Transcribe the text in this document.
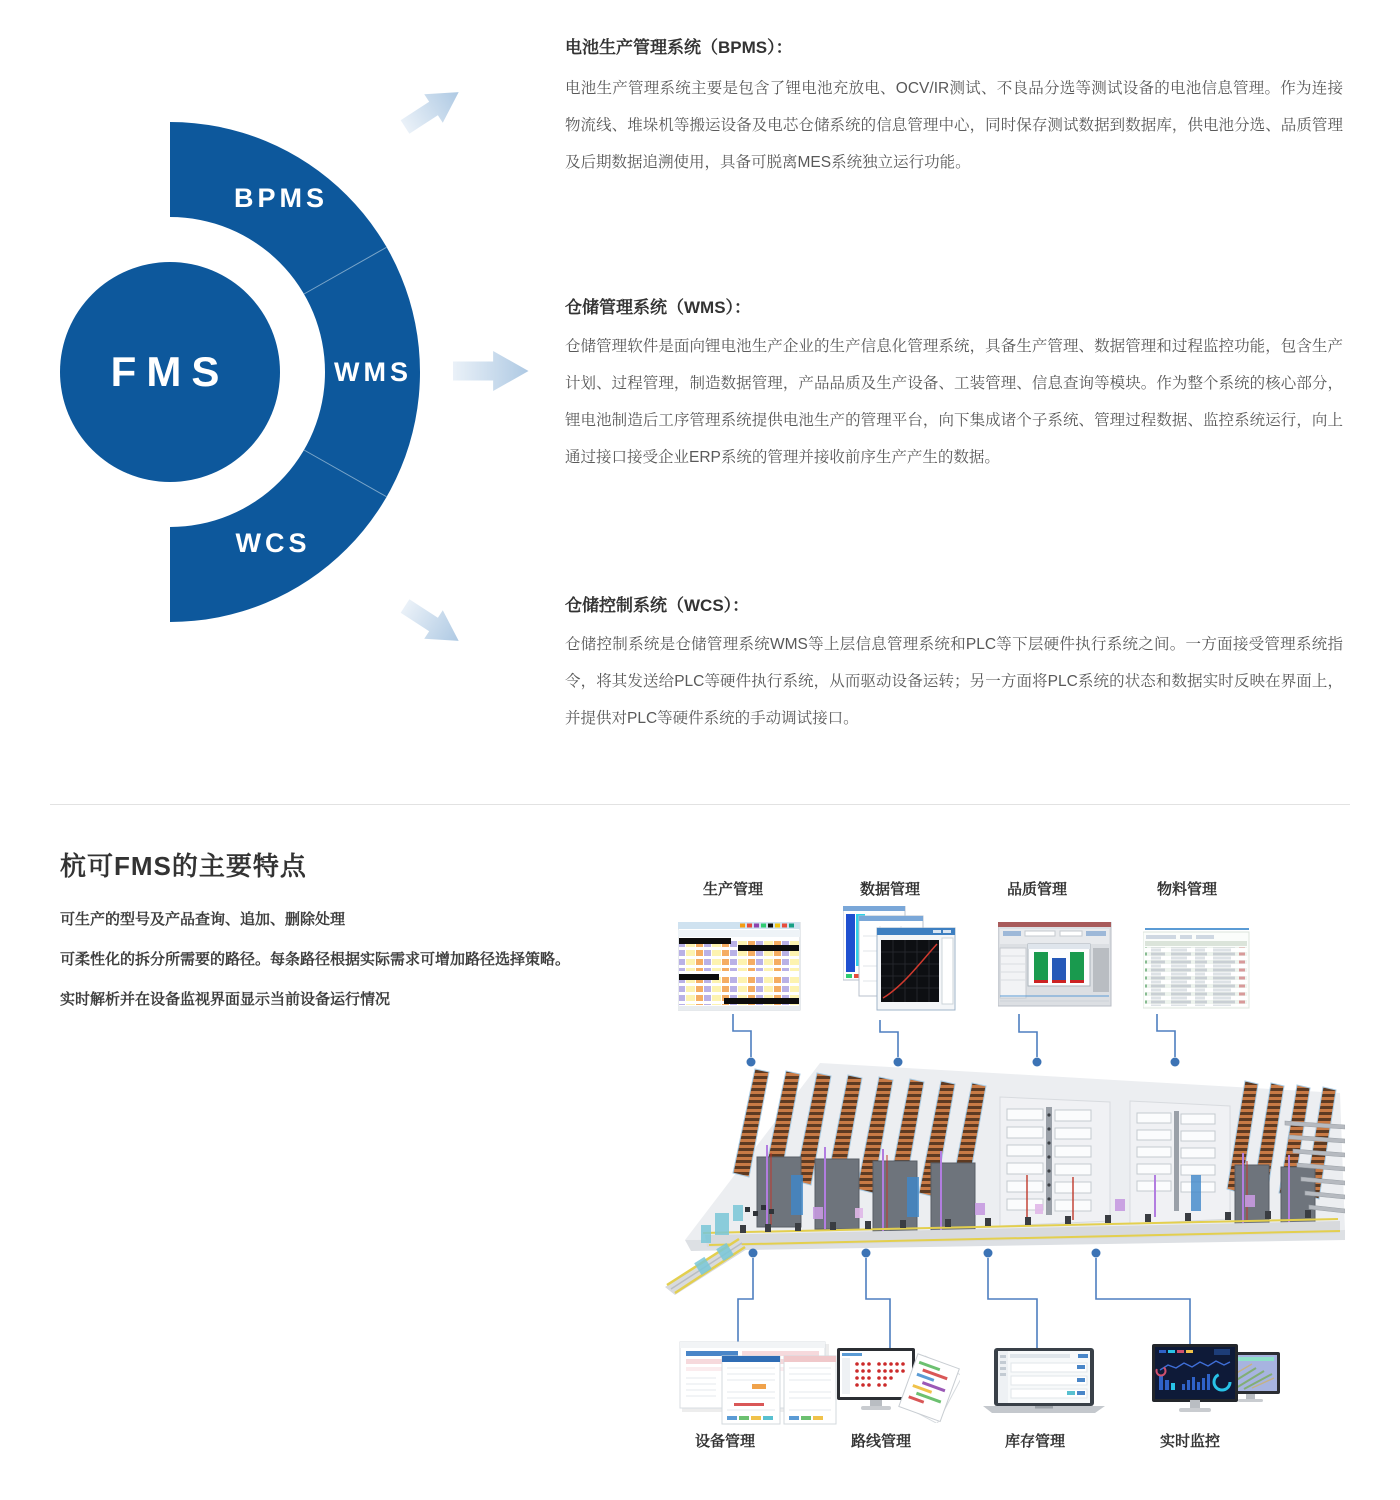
FMS
BPMS
WMS
WCS
电池生产管理系统（BPMS）：
电池生产管理系统主要是包含了锂电池充放电、OCV/IR测试、不良品分选等测试设备的电池信息管理。作为连接物流线、堆垛机等搬运设备及电芯仓储系统的信息管理中心，同时保存测试数据到数据库，供电池分选、品质管理及后期数据追溯使用，具备可脱离MES系统独立运行功能。
仓储管理系统（WMS）：
仓储管理软件是面向锂电池生产企业的生产信息化管理系统，具备生产管理、数据管理和过程监控功能，包含生产计划、过程管理，制造数据管理，产品品质及生产设备、工装管理、信息查询等模块。作为整个系统的核心部分，锂电池制造后工序管理系统提供电池生产的管理平台，向下集成诸个子系统、管理过程数据、监控系统运行，向上通过接口接受企业ERP系统的管理并接收前序生产产生的数据。
仓储控制系统（WCS）：
仓储控制系统是仓储管理系统WMS等上层信息管理系统和PLC等下层硬件执行系统之间。一方面接受管理系统指令，将其发送给PLC等硬件执行系统，从而驱动设备运转；另一方面将PLC系统的状态和数据实时反映在界面上，并提供对PLC等硬件系统的手动调试接口。
杭可FMS的主要特点
可生产的型号及产品查询、追加、删除处理
可柔性化的拆分所需要的路径。每条路径根据实际需求可增加路径选择策略。
实时解析并在设备监视界面显示当前设备运行情况
生产管理	数据管理	品质管理	物料管理
设备管理	路线管理	库存管理	实时监控
